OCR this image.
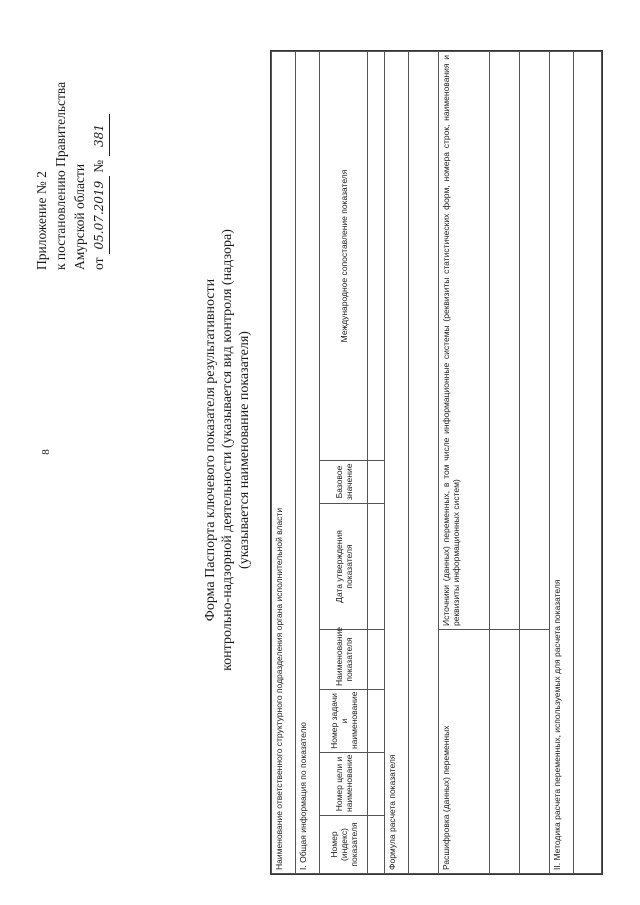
8
Приложение № 2 к постановлению Правительства Амурской области от 05.07.2019 № 381
Форма Паспорта ключевого показателя результативности контрольно-надзорной деятельности (указывается вид контроля (надзора) (указывается наименование показателя)
Наименование ответственного структурного подразделения органа исполнительной власти						
I. Общая информация по показателю						
Номер (индекс) показателя	Номер цели и наименование	Номер задачи и наименование	Наименование показателя	Дата утверждения показателя	Базовое значение	Международное сопоставление показателя

Формула расчета показателя						

Расшифровка (данных) переменных				Источники (данных) переменных, в том числе информационные системы (реквизиты статистических форм, номера строк, наименования и реквизиты информационных систем)		

II. Методика расчета переменных, используемых для расчета показателя						
